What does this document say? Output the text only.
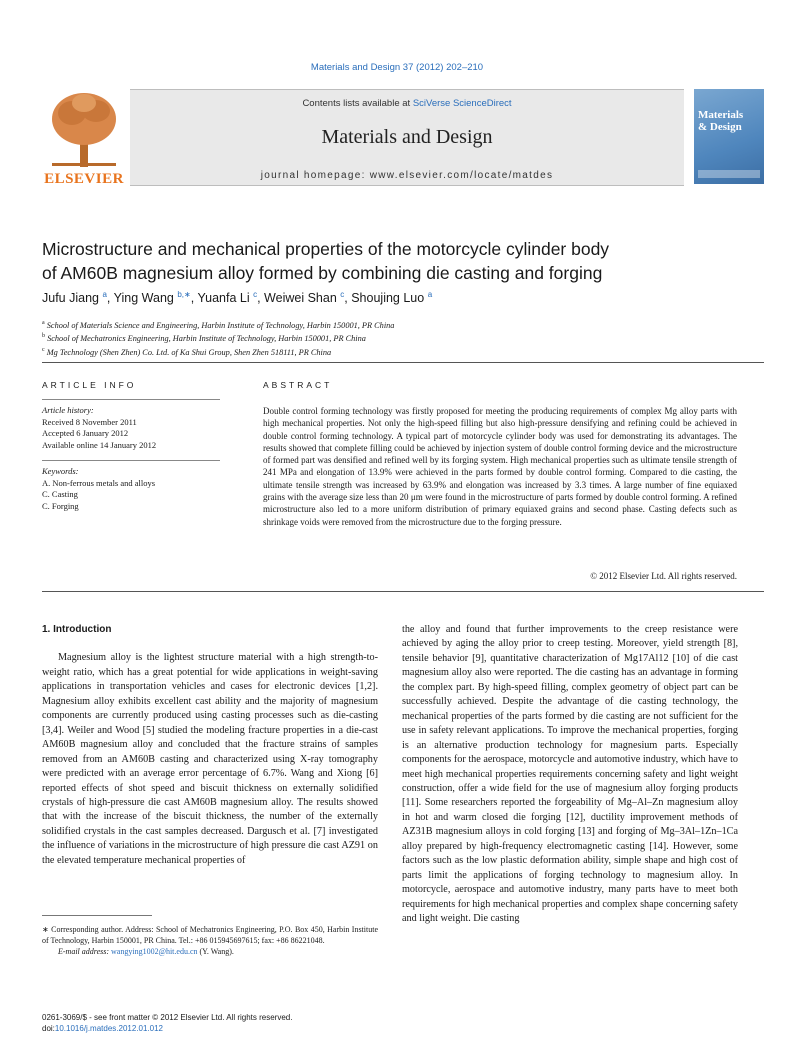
Materials and Design 37 (2012) 202–210
ELSEVIER
Contents lists available at SciVerse ScienceDirect
Materials and Design
journal homepage: www.elsevier.com/locate/matdes
Materials
& Design
Microstructure and mechanical properties of the motorcycle cylinder body
of AM60B magnesium alloy formed by combining die casting and forging
Jufu Jiang $^a$, Ying Wang $^{b,∗}$, Yuanfa Li $^c$, Weiwei Shan $^c$, Shoujing Luo $^a$
$^a$ School of Materials Science and Engineering, Harbin Institute of Technology, Harbin 150001, PR China
$^b$ School of Mechatronics Engineering, Harbin Institute of Technology, Harbin 150001, PR China
$^c$ Mg Technology (Shen Zhen) Co. Ltd. of Ka Shui Group, Shen Zhen 518111, PR China
ARTICLE INFO	ABSTRACT
Article history:
Received 8 November 2011
Accepted 6 January 2012
Available online 14 January 2012
Keywords:
A. Non-ferrous metals and alloys
C. Casting
C. Forging
Double control forming technology was firstly proposed for meeting the producing requirements of complex Mg alloy parts with high mechanical properties. Not only the high-speed filling but also high-pressure densifying and refining could be achieved in double control forming technology. A typical part of motorcycle cylinder body was used for demonstrating its advantages. The results showed that complete filling could be achieved by injection system of double control forming device and the microstructure of formed part was densified and refined well by its forging system. High mechanical properties such as ultimate tensile strength of 241 MPa and elongation of 13.9% were achieved in the parts formed by double control forming. Compared to die casting, the ultimate tensile strength was increased by 63.9% and elongation was increased by 3.3 times. A large number of fine equiaxed grains with the average size less than 20 μm were found in the microstructure of parts formed by double control forming. A refined microstructure also led to a more uniform distribution of primary equiaxed grains and second phase. Casting defects such as shrinkage voids were removed from the microstructure due to the forging pressure.
© 2012 Elsevier Ltd. All rights reserved.
1. Introduction

Magnesium alloy is the lightest structure material with a high strength-to-weight ratio, which has a great potential for wide applications in weight-saving applications in transportation vehicles and cases for electronic devices [1,2]. Magnesium alloy exhibits excellent cast ability and the majority of magnesium components are currently produced using casting processes such as die-casting [3,4]. Weiler and Wood [5] studied the modeling fracture properties in a die-cast AM60B magnesium alloy and concluded that the fracture strains of samples removed from an AM60B casting and characterized using X-ray tomography were predicted with an average error percentage of 6.7%. Wang and Xiong [6] reported effects of shot speed and biscuit thickness on externally solidified crystals of high-pressure die cast AM60B magnesium alloy. The results showed that with the increase of the biscuit thickness, the number of the externally solidified crystals in the cast samples decreased. Dargusch et al. [7] investigated the influence of variations in the microstructure of high pressure die cast AZ91 on the elevated temperature mechanical properties of

the alloy and found that further improvements to the creep resistance were achieved by aging the alloy prior to creep testing. Moreover, yield strength [8], tensile behavior [9], quantitative characterization of Mg17Al12 [10] of die cast magnesium alloy also were reported. The die casting has an advantage in forming the complex part. By high-speed filling, complex geometry of object part can be successfully achieved. Despite the advantage of die casting technology, the mechanical properties of the parts formed by die casting are not sufficient for the use in safety relevant applications. To improve the mechanical properties, forging is an alternative production technology for magnesium parts. Especially components for the aerospace, motorcycle and automotive industry, which have to meet high mechanical properties requirements concerning safety and light weight construction, offer a wide field for the use of magnesium alloy forging products [11]. Some researchers reported the forgeability of Mg–Al–Zn magnesium alloy in hot and warm closed die forging [12], ductility improvement methods of AZ31B magnesium alloys in cold forging [13] and forging of Mg–3Al–1Zn–1Ca alloy prepared by high-frequency electromagnetic casting [14]. However, some factors such as the low plastic deformation ability, simple shape and high cost of parts limit the applications of forging technology to magnesium alloy. In motorcycle, aerospace and automotive industry, many parts have to meet both requirements for high mechanical properties and complex shape concerning safety and light weight. Die casting

∗ Corresponding author. Address: School of Mechatronics Engineering, P.O. Box 450, Harbin Institute of Technology, Harbin 150001, PR China. Tel.: +86 015945697615; fax: +86 86221048.
E-mail address: wangying1002@hit.edu.cn (Y. Wang).
0261-3069/$ - see front matter © 2012 Elsevier Ltd. All rights reserved.
doi:10.1016/j.matdes.2012.01.012
